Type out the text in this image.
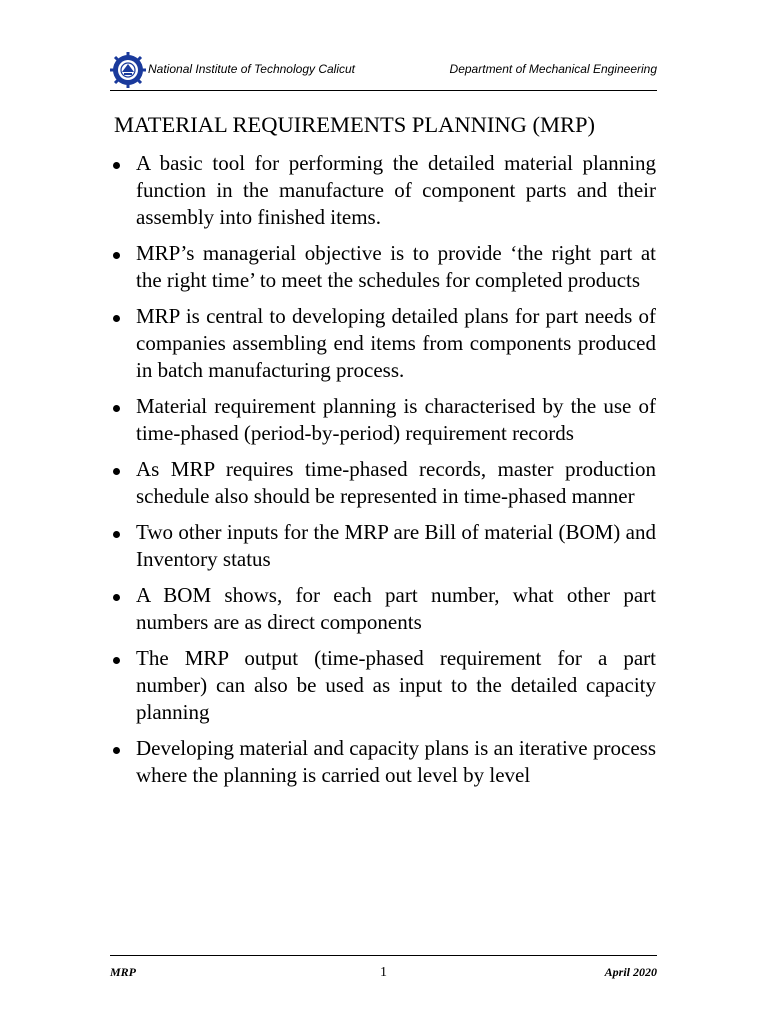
National Institute of Technology Calicut	Department of Mechanical Engineering
MATERIAL REQUIREMENTS PLANNING (MRP)
A basic tool for performing the detailed material planning function in the manufacture of component parts and their assembly into finished items.
MRP’s managerial objective is to provide ‘the right part at the right time’ to meet the schedules for completed products
MRP is central to developing detailed plans for part needs of companies assembling end items from components produced in batch manufacturing process.
Material requirement planning is characterised by the use of time-phased (period-by-period) requirement records
As MRP requires time-phased records, master production schedule also should be represented in time-phased manner
Two other inputs for the MRP are Bill of material (BOM) and Inventory status
A BOM shows, for each part number, what other part numbers are as direct components
The MRP output (time-phased requirement for a part number) can also be used as input to the detailed capacity planning
Developing material and capacity plans is an iterative process where the planning is carried out level by level
MRP	1	April 2020
